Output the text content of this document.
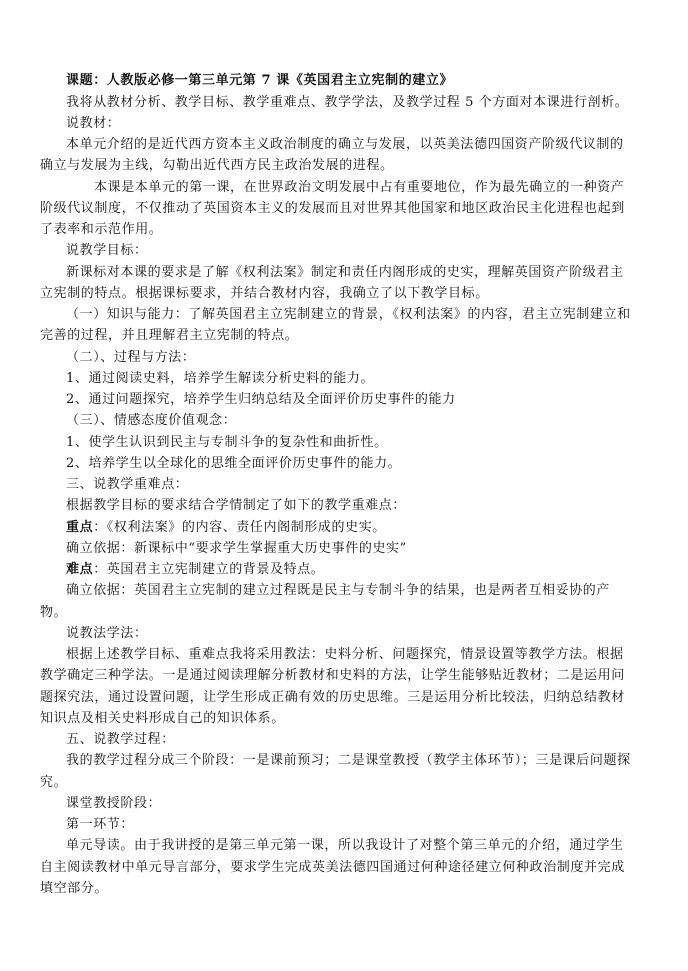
课题：人教版必修一第三单元第 7 课《英国君主立宪制的建立》
我将从教材分析、教学目标、教学重难点、教学学法，及教学过程 5 个方面对本课进行剖析。
说教材：
本单元介绍的是近代西方资本主义政治制度的确立与发展，以英美法德四国资产阶级代议制的
确立与发展为主线，勾勒出近代西方民主政治发展的进程。
本课是本单元的第一课，在世界政治文明发展中占有重要地位，作为最先确立的一种资产
阶级代议制度，不仅推动了英国资本主义的发展而且对世界其他国家和地区政治民主化进程也起到
了表率和示范作用。
说教学目标：
新课标对本课的要求是了解《权利法案》制定和责任内阁形成的史实，理解英国资产阶级君主
立宪制的特点。根据课标要求，并结合教材内容，我确立了以下教学目标。
（一）知识与能力：了解英国君主立宪制建立的背景，《权利法案》的内容，君主立宪制建立和
完善的过程，并且理解君主立宪制的特点。
（二）、过程与方法：
1、通过阅读史料，培养学生解读分析史料的能力。
2、通过问题探究，培养学生归纳总结及全面评价历史事件的能力
（三）、情感态度价值观念：
1、使学生认识到民主与专制斗争的复杂性和曲折性。
2、培养学生以全球化的思维全面评价历史事件的能力。
三、说教学重难点：
根据教学目标的要求结合学情制定了如下的教学重难点：
重点：《权利法案》的内容、责任内阁制形成的史实。
确立依据：新课标中“要求学生掌握重大历史事件的史实”
难点：英国君主立宪制建立的背景及特点。
确立依据：英国君主立宪制的建立过程既是民主与专制斗争的结果，也是两者互相妥协的产
物。
说教法学法：
根据上述教学目标、重难点我将采用教法：史料分析、问题探究，情景设置等教学方法。根据
教学确定三种学法。一是通过阅读理解分析教材和史料的方法，让学生能够贴近教材；二是运用问
题探究法，通过设置问题，让学生形成正确有效的历史思维。三是运用分析比较法，归纳总结教材
知识点及相关史料形成自己的知识体系。
五、说教学过程：
我的教学过程分成三个阶段：一是课前预习；二是课堂教授（教学主体环节）；三是课后问题探
究。
课堂教授阶段：
第一环节：
单元导读。由于我讲授的是第三单元第一课，所以我设计了对整个第三单元的介绍，通过学生
自主阅读教材中单元导言部分，要求学生完成英美法德四国通过何种途径建立何种政治制度并完成
填空部分。
